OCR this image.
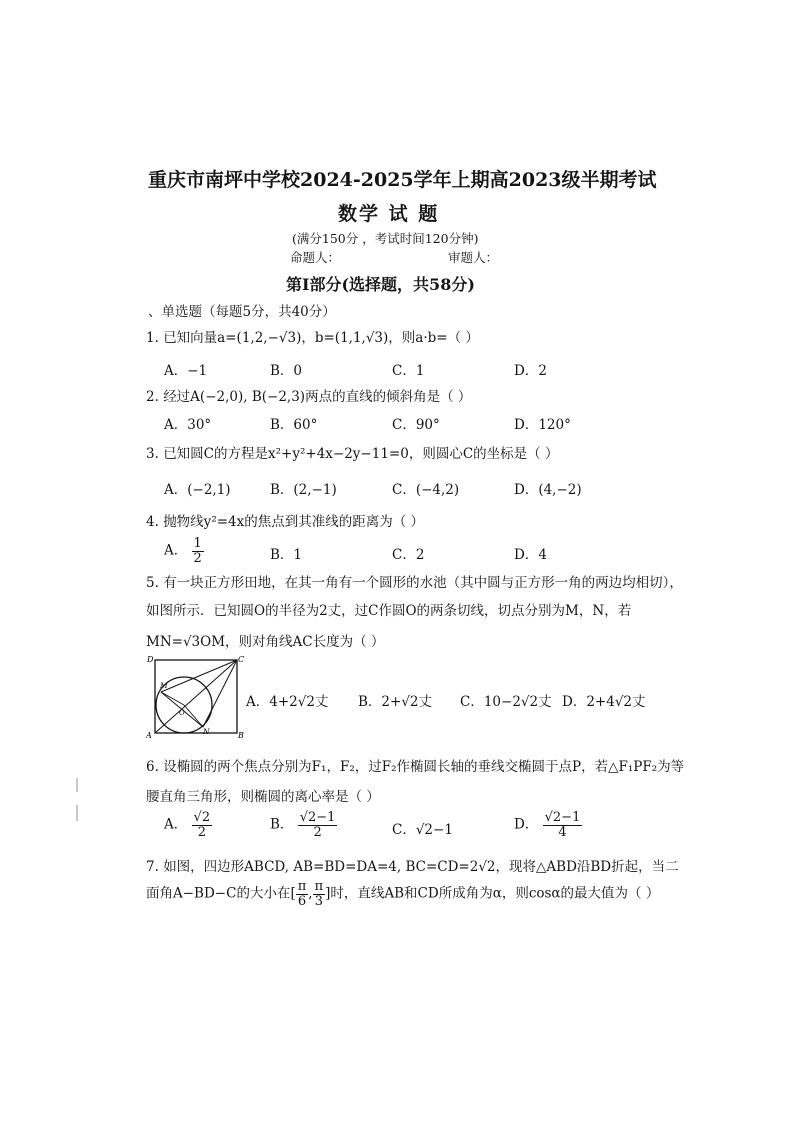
重庆市南坪中学校2024-2025学年上期高2023级半期考试
数学 试 题
(满分150分 ，考试时间120分钟)
命题人：	审题人：
第Ⅰ部分(选择题，共58分)
、单选题（每题5分，共40分）
1. 已知向量a=(1,2,−√3)，b=(1,1,√3)，则a·b=（ ）
A．−1	B．0	C．1	D．2
2. 经过A(−2,0), B(−2,3)两点的直线的倾斜角是（ ）
A．30°	B．60°	C．90°	D．120°
3. 已知圆C的方程是x²+y²+4x−2y−11=0，则圆心C的坐标是（ ）
A．(−2,1)	B．(2,−1)	C．(−4,2)	D．(4,−2)
4. 抛物线y²=4x的焦点到其准线的距离为（ ）
A． $\frac{1}{2}$	B．1	C．2	D．4
5. 有一块正方形田地，在其一角有一个圆形的水池（其中圆与正方形一角的两边均相切），
如图所示．已知圆O的半径为2丈，过C作圆O的两条切线，切点分别为M，N，若
MN=√3OM，则对角线AC长度为（ ）
D	C
A	B
M
N
O
A．4+2√2丈 B．2+√2丈 C．10−2√2丈 D．2+4√2丈
6. 设椭圆的两个焦点分别为F₁，F₂，过F₂作椭圆长轴的垂线交椭圆于点P，若△F₁PF₂为等
腰直角三角形，则椭圆的离心率是（ ）
A． $\frac{√2}{2}$	B． $\frac{√2-1}{2}$	C．√2−1	D． $\frac{√2-1}{4}$
7. 如图，四边形ABCD, AB=BD=DA=4, BC=CD=2√2，现将△ABD沿BD折起，当二
面角A−BD−C的大小在[ $\frac{\pi}{6}$ , $\frac{\pi}{3}$ ]时，直线AB和CD所成角为α，则cosα的最大值为（ ）
